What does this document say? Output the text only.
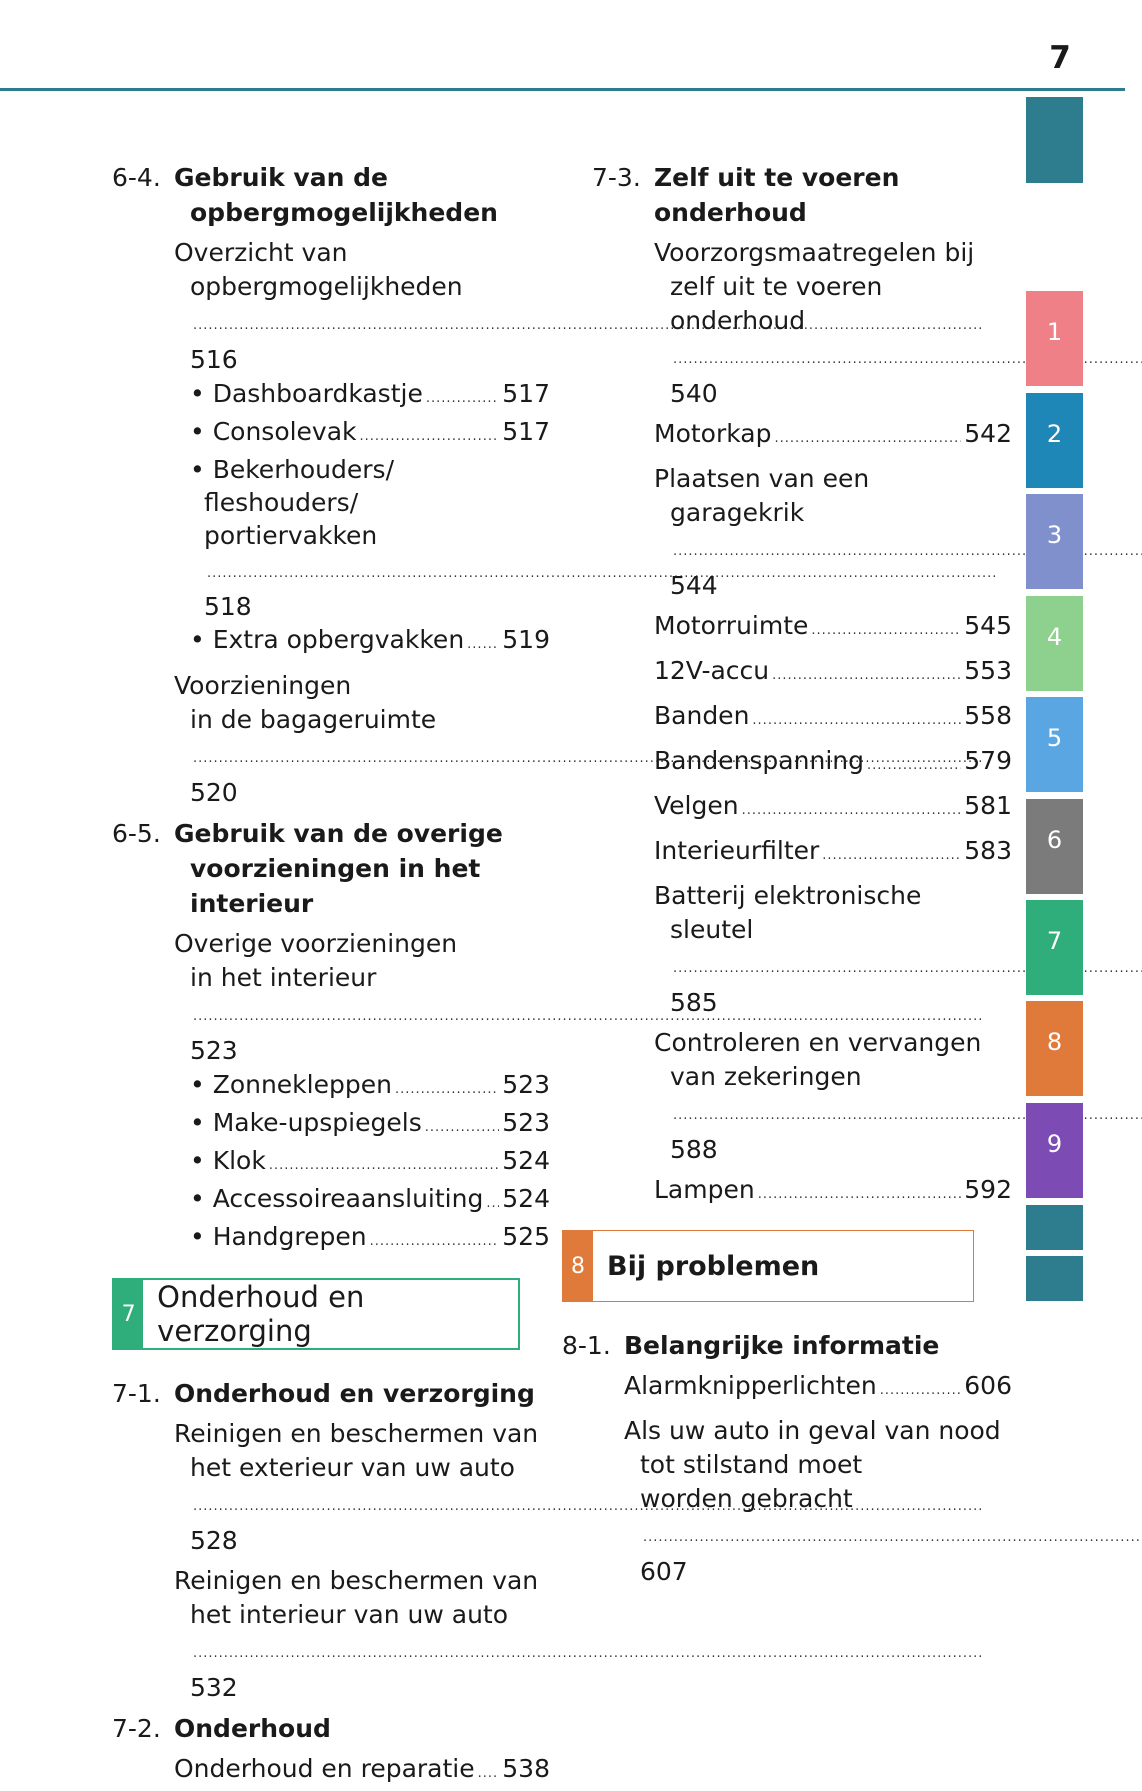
7
6-4. Gebruik van de
opbergmogelijkheden
Overzicht van
opbergmogelijkheden ..... 516
• Dashboardkastje .....	517
• Consolevak .....	517
• Bekerhouders/
fleshouders/
portiervakken ..... 518
• Extra opbergvakken ..... 519
Voorzieningen
in de bagageruimte ..... 520
6-5. Gebruik van de overige
voorzieningen in het interieur
Overige voorzieningen
in het interieur ..... 523
• Zonnekleppen .....	523
• Make-upspiegels .....	523
• Klok .....	524
• Accessoireaansluiting ..... 524
• Handgrepen .....	525
7 Onderhoud en verzorging
7-1. Onderhoud en verzorging
Reinigen en beschermen van
het exterieur van uw auto ..... 528
Reinigen en beschermen van
het interieur van uw auto ..... 532
7-2. Onderhoud
Onderhoud en reparatie ..... 538
7-3. Zelf uit te voeren onderhoud
Voorzorgsmaatregelen bij
zelf uit te voeren
onderhoud ..... 540
Motorkap .....	542
Plaatsen van een
garagekrik ..... 544
Motorruimte .....	545
12V-accu .....	553
Banden .....	558
Bandenspanning .....	579
Velgen .....	581
Interieurfilter .....	583
Batterij elektronische
sleutel ..... 585
Controleren en vervangen
van zekeringen ..... 588
Lampen .....	592
8 Bij problemen
8-1. Belangrijke informatie
Alarmknipperlichten .....	606
Als uw auto in geval van nood
tot stilstand moet
worden gebracht ..... 607
1
2
3
4
5
6
7
8
9
